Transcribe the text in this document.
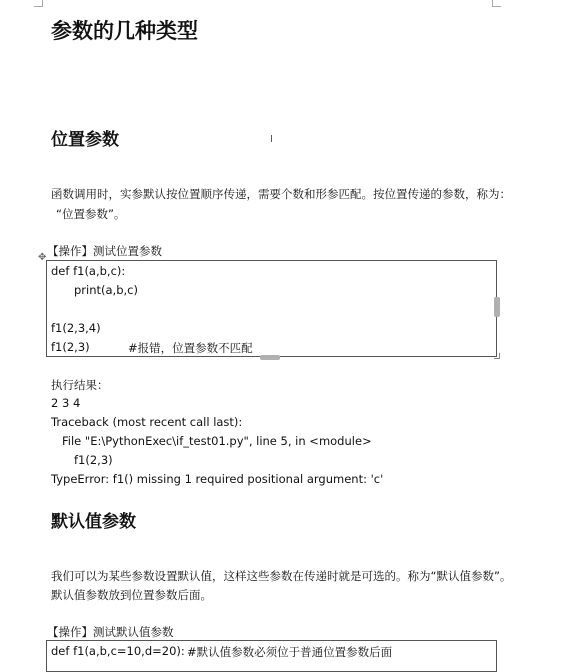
参数的几种类型
位置参数	I
函数调用时，实参默认按位置顺序传递，需要个数和形参匹配。按位置传递的参数，称为：
“位置参数”。
✥ 【操作】测试位置参数
def f1(a,b,c):
print(a,b,c)
f1(2,3,4)
f1(2,3)	#报错，位置参数不匹配
执行结果：
2 3 4
Traceback (most recent call last):
File "E:\PythonExec\if_test01.py", line 5, in <module>
f1(2,3)
TypeError: f1() missing 1 required positional argument: 'c'
默认值参数
我们可以为某些参数设置默认值，这样这些参数在传递时就是可选的。称为“默认值参数”。
默认值参数放到位置参数后面。
【操作】测试默认值参数
def f1(a,b,c=10,d=20): #默认值参数必须位于普通位置参数后面
